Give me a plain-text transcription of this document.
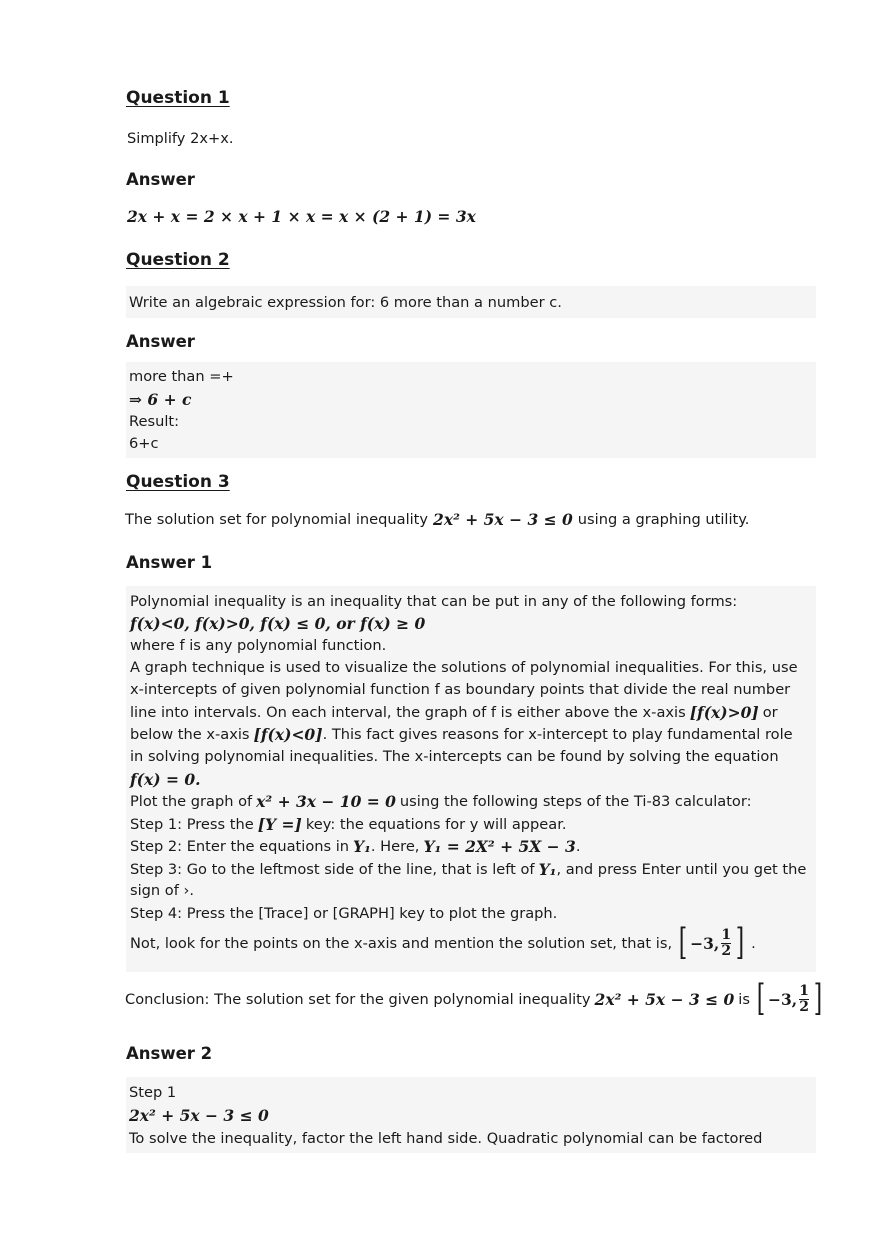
Question 1
Simplify 2x+x.
Answer
2x + x = 2 × x + 1 × x = x × (2 + 1) = 3x
Question 2
Write an algebraic expression for: 6 more than a number c.
Answer
more than =+
⇒ 6 + c
Result:
6+c
Question 3
The solution set for polynomial inequality 2x² + 5x − 3 ≤ 0 using a graphing utility.
Answer 1
Polynomial inequality is an inequality that can be put in any of the following forms:
f(x)<0, f(x)>0, f(x) ≤ 0, or f(x) ≥ 0
where f is any polynomial function.
A graph technique is used to visualize the solutions of polynomial inequalities. For this, use
x-intercepts of given polynomial function f as boundary points that divide the real number
line into intervals. On each interval, the graph of f is either above the x-axis [f(x)>0] or
below the x-axis [f(x)<0] . This fact gives reasons for x-intercept to play fundamental role
in solving polynomial inequalities. The x-intercepts can be found by solving the equation
f(x) = 0.
Plot the graph of x² + 3x − 10 = 0 using the following steps of the Ti-83 calculator:
Step 1: Press the [Y =] key: the equations for y will appear.
Step 2: Enter the equations in Y₁ . Here, Y₁ = 2X² + 5X − 3 .
Step 3: Go to the leftmost side of the line, that is left of Y₁ , and press Enter until you get the
sign of ›.
Step 4: Press the [Trace] or [GRAPH] key to plot the graph.
Not, look for the points on the x-axis and mention the solution set, that is, [ −3, $\frac{1}{2}$ ] .
Conclusion: The solution set for the given polynomial inequality 2x² + 5x − 3 ≤ 0 is [ −3, $\frac{1}{2}$ ]
Answer 2
Step 1
2x² + 5x − 3 ≤ 0
To solve the inequality, factor the left hand side. Quadratic polynomial can be factored
